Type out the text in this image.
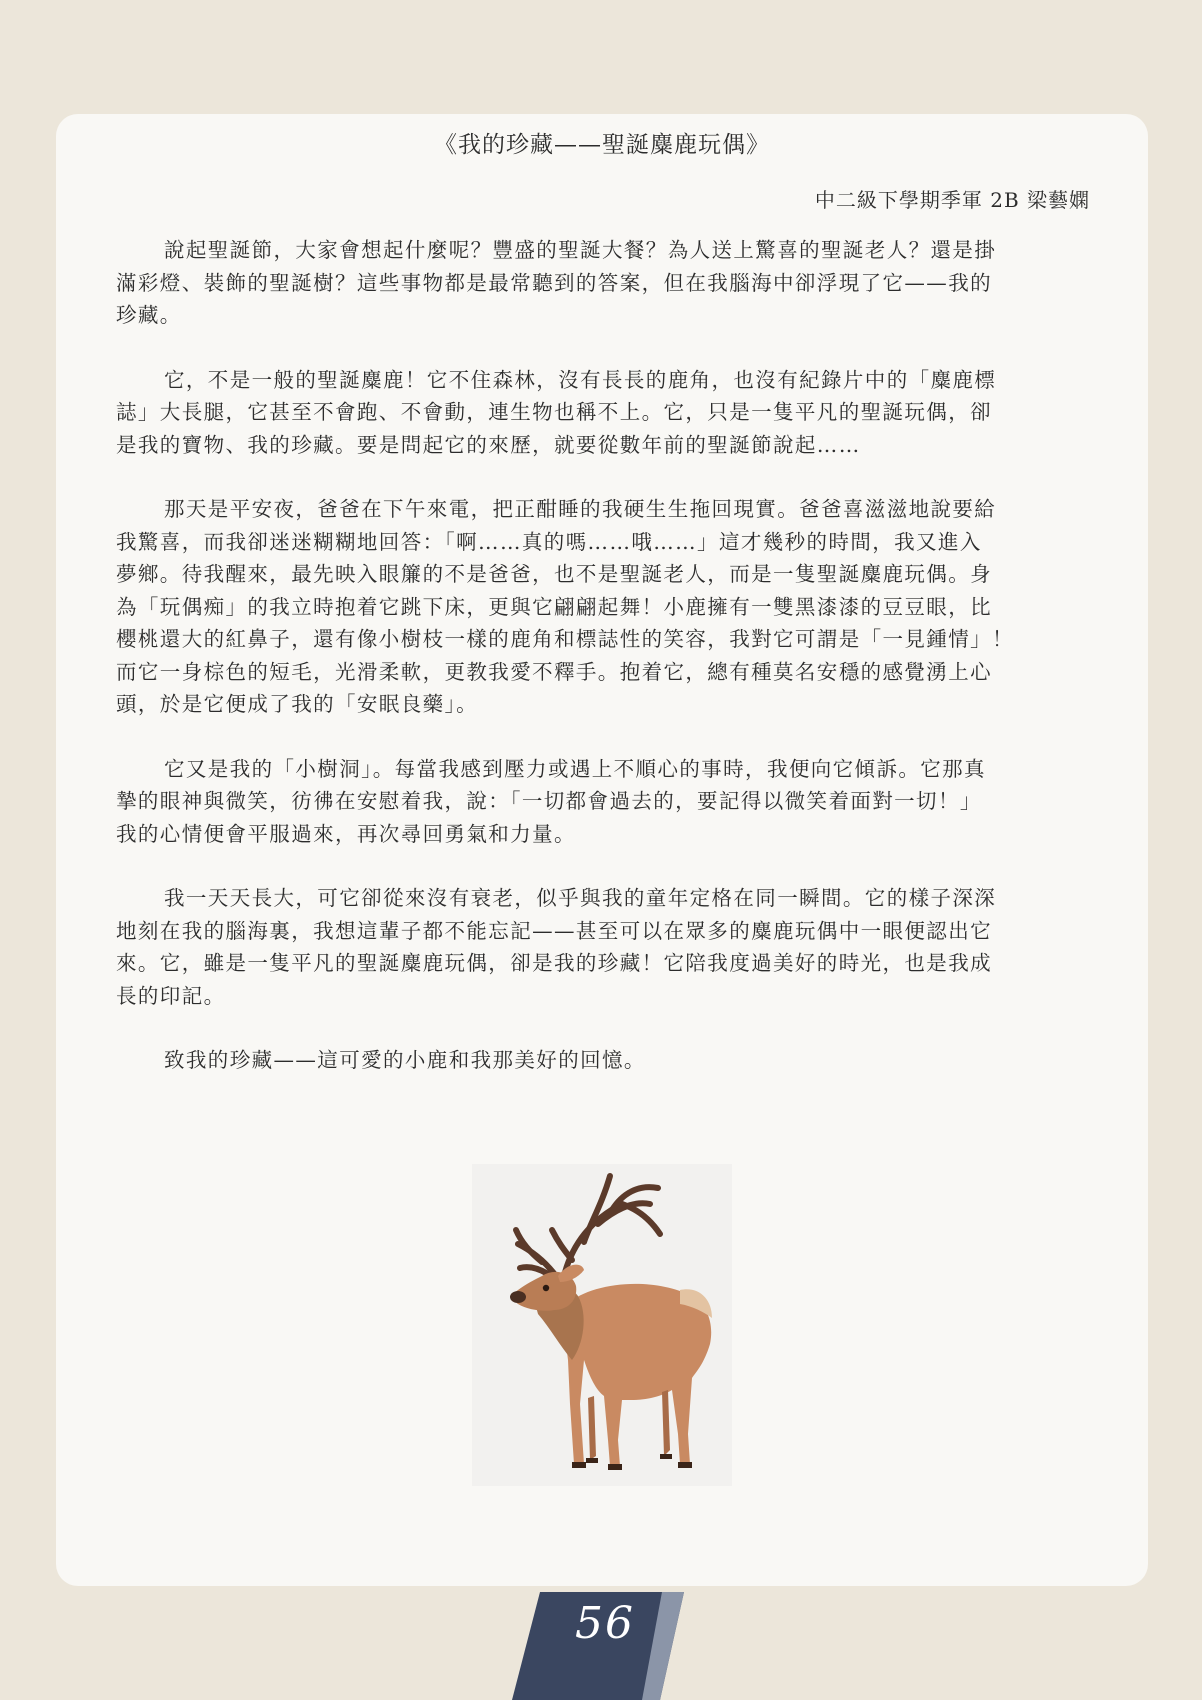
《我的珍藏——聖誕麋鹿玩偶》
中二級下學期季軍 2B 梁藝嫻

說起聖誕節，大家會想起什麼呢？豐盛的聖誕大餐？為人送上驚喜的聖誕老人？還是掛
滿彩燈、裝飾的聖誕樹？這些事物都是最常聽到的答案，但在我腦海中卻浮現了它——我的
珍藏。

它，不是一般的聖誕麋鹿！它不住森林，沒有長長的鹿角，也沒有紀錄片中的「麋鹿標
誌」大長腿，它甚至不會跑、不會動，連生物也稱不上。它，只是一隻平凡的聖誕玩偶，卻
是我的寶物、我的珍藏。要是問起它的來歷，就要從數年前的聖誕節說起……

那天是平安夜，爸爸在下午來電，把正酣睡的我硬生生拖回現實。爸爸喜滋滋地說要給
我驚喜，而我卻迷迷糊糊地回答：「啊……真的嗎……哦……」這才幾秒的時間，我又進入
夢鄉。待我醒來，最先映入眼簾的不是爸爸，也不是聖誕老人，而是一隻聖誕麋鹿玩偶。身
為「玩偶痴」的我立時抱着它跳下床，更與它翩翩起舞！小鹿擁有一雙黑漆漆的豆豆眼，比
櫻桃還大的紅鼻子，還有像小樹枝一樣的鹿角和標誌性的笑容，我對它可謂是「一見鍾情」！
而它一身棕色的短毛，光滑柔軟，更教我愛不釋手。抱着它，總有種莫名安穩的感覺湧上心
頭，於是它便成了我的「安眠良藥」。

它又是我的「小樹洞」。每當我感到壓力或遇上不順心的事時，我便向它傾訴。它那真
摯的眼神與微笑，彷彿在安慰着我，說：「一切都會過去的，要記得以微笑着面對一切！」
我的心情便會平服過來，再次尋回勇氣和力量。

我一天天長大，可它卻從來沒有衰老，似乎與我的童年定格在同一瞬間。它的樣子深深
地刻在我的腦海裏，我想這輩子都不能忘記——甚至可以在眾多的麋鹿玩偶中一眼便認出它
來。它，雖是一隻平凡的聖誕麋鹿玩偶，卻是我的珍藏！它陪我度過美好的時光，也是我成
長的印記。

致我的珍藏——這可愛的小鹿和我那美好的回憶。

56
